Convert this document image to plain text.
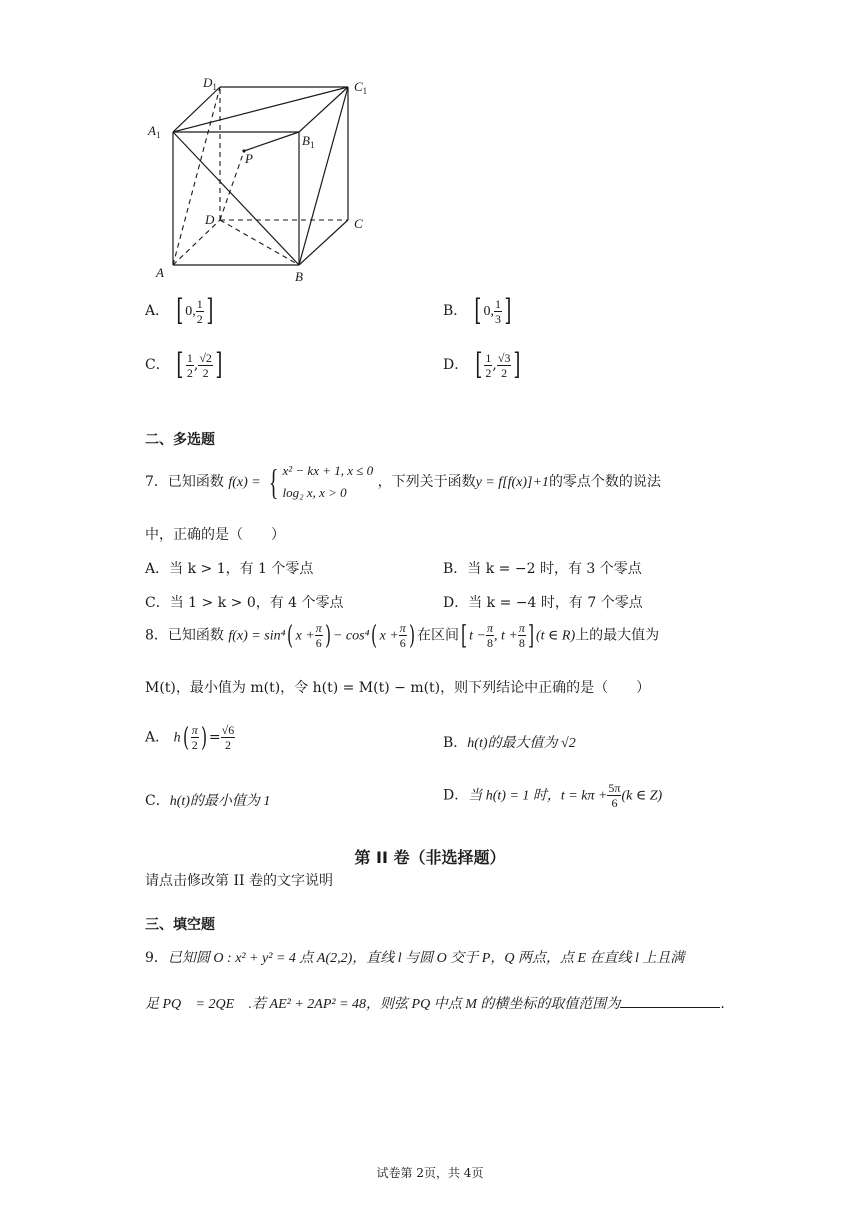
$D_1$	$C_1$
$A_1$	$B_1$
P
D	C
A	B
A． [ 0, $\frac{1}{2}$ ]	B． [ 0, $\frac{1}{3}$ ]
C． [ $\frac{1}{2}$ , $\frac{√2}{2}$ ]	D． [ $\frac{1}{2}$ , $\frac{√3}{2}$ ]
二、多选题
7．已知函数 f(x) = { x² − kx + 1, x ≤ 0
log₂ x, x > 0
，下列关于函数y = f[f(x)]+1的零点个数的说法
中，正确的是（　　）
A．当 k > 1，有 1 个零点	B．当 k = −2 时，有 3 个零点
C．当 1 > k > 0，有 4 个零点	D．当 k = −4 时，有 7 个零点
8．已知函数 f(x) = sin⁴( $x + \frac{\pi}{6}$ ) − cos⁴( $x + \frac{\pi}{6}$ ) 在区间[ $t - \frac{\pi}{8}$ , $t + \frac{\pi}{8}$ ] (t ∈ R)上的最大值为
M(t)，最小值为 m(t)，令 h(t) = M(t) − m(t)，则下列结论中正确的是（　　）
A． $h( \frac{\pi}{2}$ ) = $\frac{√6}{2}$	B．h(t)的最大值为 √2
C．h(t)的最小值为 1	D．当 h(t) = 1 时，$t = k\pi + \frac{5\pi}{6} (k$ ∈ Z)
第 II 卷（非选择题）
请点击修改第 II 卷的文字说明
三、填空题
9．已知圆 O : x² + y² = 4 点 A(2,2)，直线 l 与圆 O 交于 P，Q 两点，点 E 在直线 l 上且满
足 PQ⃗ = 2QE⃗ .若 AE² + 2AP² = 48，则弦 PQ 中点 M 的横坐标的取值范围为	.
试卷第 2页，共 4页
